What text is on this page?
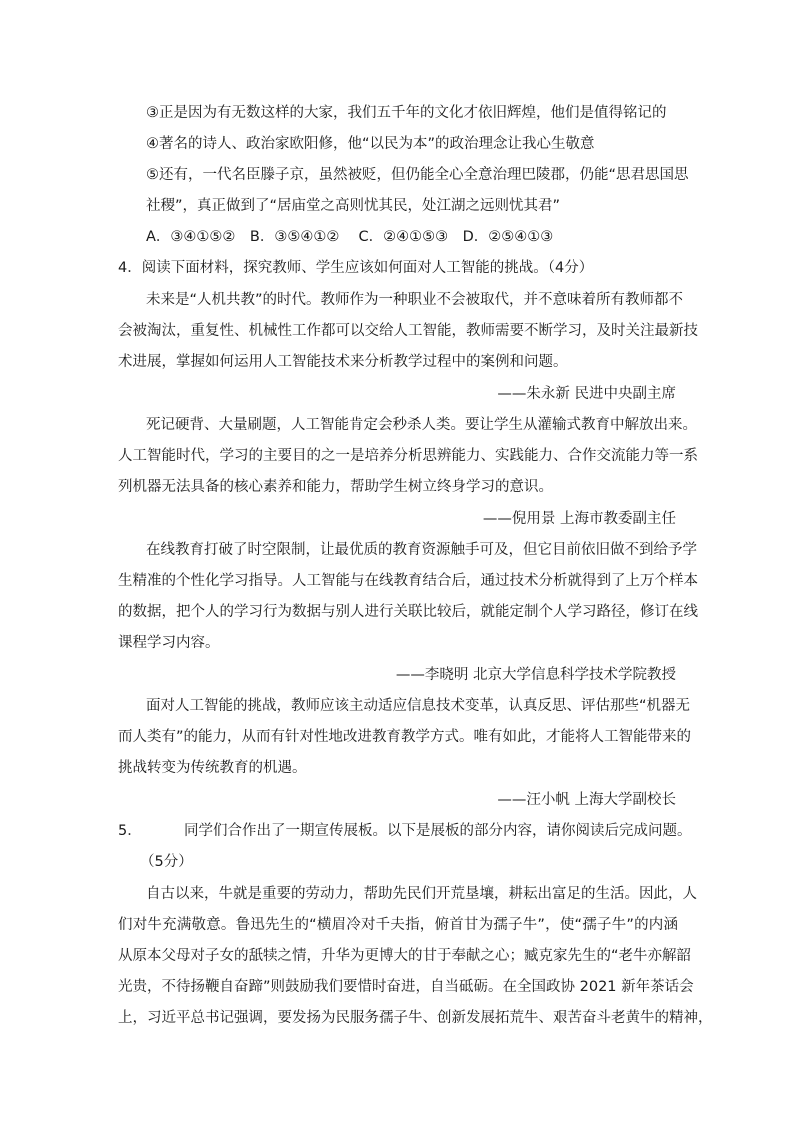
③正是因为有无数这样的大家，我们五千年的文化才依旧辉煌，他们是值得铭记的
④著名的诗人、政治家欧阳修，他“以民为本”的政治理念让我心生敬意
⑤还有，一代名臣滕子京，虽然被贬，但仍能全心全意治理巴陵郡，仍能“思君思国思
社稷”，真正做到了“居庙堂之高则忧其民，处江湖之远则忧其君”
A．③④①⑤②　B．③⑤④①②　 C．②④①⑤③　D．②⑤④①③
4．阅读下面材料，探究教师、学生应该如何面对人工智能的挑战。（4分）
未来是“人机共教”的时代。教师作为一种职业不会被取代，并不意味着所有教师都不
会被淘汰，重复性、机械性工作都可以交给人工智能，教师需要不断学习，及时关注最新技
术进展，掌握如何运用人工智能技术来分析教学过程中的案例和问题。
——朱永新 民进中央副主席
死记硬背、大量刷题，人工智能肯定会秒杀人类。要让学生从灌输式教育中解放出来。
人工智能时代，学习的主要目的之一是培养分析思辨能力、实践能力、合作交流能力等一系
列机器无法具备的核心素养和能力，帮助学生树立终身学习的意识。
——倪用景 上海市教委副主任
在线教育打破了时空限制，让最优质的教育资源触手可及，但它目前依旧做不到给予学
生精准的个性化学习指导。人工智能与在线教育结合后，通过技术分析就得到了上万个样本
的数据，把个人的学习行为数据与别人进行关联比较后，就能定制个人学习路径，修订在线
课程学习内容。
——李晓明 北京大学信息科学技术学院教授
面对人工智能的挑战，教师应该主动适应信息技术变革，认真反思、评估那些“机器无
而人类有”的能力，从而有针对性地改进教育教学方式。唯有如此，才能将人工智能带来的
挑战转变为传统教育的机遇。
——汪小帆 上海大学副校长
5．	同学们合作出了一期宣传展板。以下是展板的部分内容，请你阅读后完成问题。
（5分）
自古以来，牛就是重要的劳动力，帮助先民们开荒垦壤，耕耘出富足的生活。因此，人
们对牛充满敬意。鲁迅先生的“横眉冷对千夫指，俯首甘为孺子牛”，使“孺子牛”的内涵
从原本父母对子女的舐犊之情，升华为更博大的甘于奉献之心；臧克家先生的“老牛亦解韶
光贵，不待扬鞭自奋蹄”则鼓励我们要惜时奋进，自当砥砺。在全国政协 2021 新年茶话会
上，习近平总书记强调，要发扬为民服务孺子牛、创新发展拓荒牛、艰苦奋斗老黄牛的精神，
